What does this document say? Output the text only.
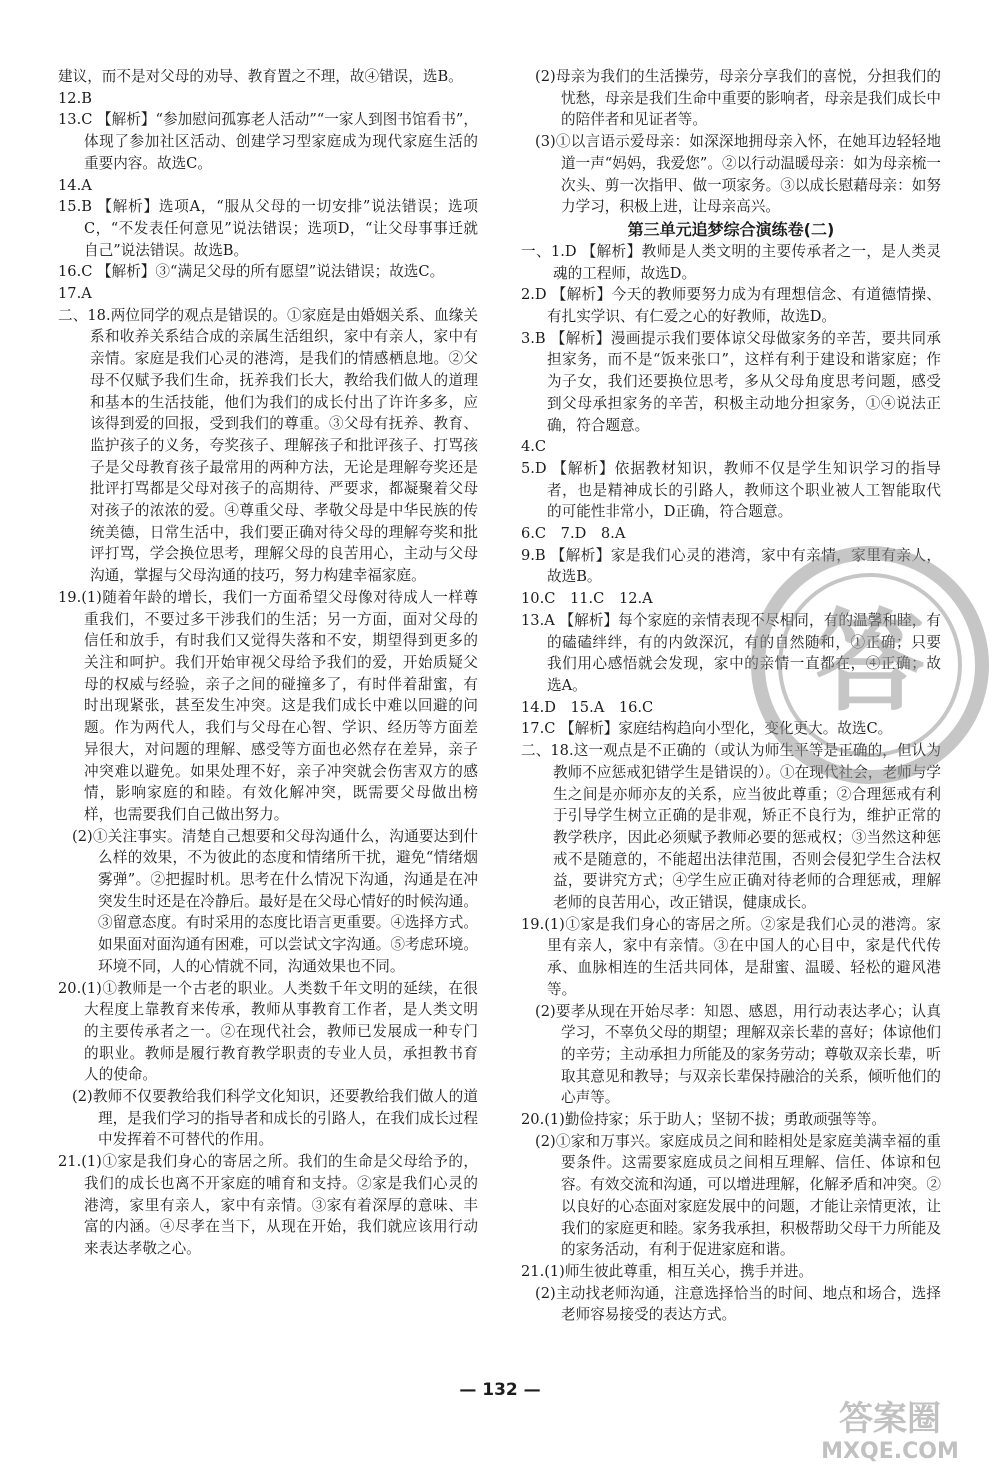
建议，而不是对父母的劝导、教育置之不理，故④错误，选B。

12.B

13.C 【解析】“参加慰问孤寡老人活动”“一家人到图书馆看书”，体现了参加社区活动、创建学习型家庭成为现代家庭生活的重要内容。故选C。

14.A

15.B 【解析】选项A，“服从父母的一切安排”说法错误；选项C，“不发表任何意见”说法错误；选项D，“让父母事事迁就自己”说法错误。故选B。

16.C 【解析】③“满足父母的所有愿望”说法错误；故选C。

17.A

二、18.两位同学的观点是错误的。①家庭是由婚姻关系、血缘关系和收养关系结合成的亲属生活组织，家中有亲人，家中有亲情。家庭是我们心灵的港湾，是我们的情感栖息地。②父母不仅赋予我们生命，抚养我们长大，教给我们做人的道理和基本的生活技能，他们为我们的成长付出了许许多多，应该得到爱的回报，受到我们的尊重。③父母有抚养、教育、监护孩子的义务，夸奖孩子、理解孩子和批评孩子、打骂孩子是父母教育孩子最常用的两种方法，无论是理解夸奖还是批评打骂都是父母对孩子的高期待、严要求，都凝聚着父母对孩子的浓浓的爱。④尊重父母、孝敬父母是中华民族的传统美德，日常生活中，我们要正确对待父母的理解夸奖和批评打骂，学会换位思考，理解父母的良苦用心，主动与父母沟通，掌握与父母沟通的技巧，努力构建幸福家庭。

19.(1)随着年龄的增长，我们一方面希望父母像对待成人一样尊重我们，不要过多干涉我们的生活；另一方面，面对父母的信任和放手，有时我们又觉得失落和不安，期望得到更多的关注和呵护。我们开始审视父母给予我们的爱，开始质疑父母的权威与经验，亲子之间的碰撞多了，有时伴着甜蜜，有时出现紧张，甚至发生冲突。这是我们成长中难以回避的问题。作为两代人，我们与父母在心智、学识、经历等方面差异很大，对问题的理解、感受等方面也必然存在差异，亲子冲突难以避免。如果处理不好，亲子冲突就会伤害双方的感情，影响家庭的和睦。有效化解冲突，既需要父母做出榜样，也需要我们自己做出努力。

(2)①关注事实。清楚自己想要和父母沟通什么，沟通要达到什么样的效果，不为彼此的态度和情绪所干扰，避免“情绪烟雾弹”。②把握时机。思考在什么情况下沟通，沟通是在冲突发生时还是在冷静后。最好是在父母心情好的时候沟通。③留意态度。有时采用的态度比语言更重要。④选择方式。如果面对面沟通有困难，可以尝试文字沟通。⑤考虑环境。环境不同，人的心情就不同，沟通效果也不同。

20.(1)①教师是一个古老的职业。人类数千年文明的延续，在很大程度上靠教育来传承，教师从事教育工作者，是人类文明的主要传承者之一。②在现代社会，教师已发展成一种专门的职业。教师是履行教育教学职责的专业人员，承担教书育人的使命。

(2)教师不仅要教给我们科学文化知识，还要教给我们做人的道理，是我们学习的指导者和成长的引路人，在我们成长过程中发挥着不可替代的作用。

21.(1)①家是我们身心的寄居之所。我们的生命是父母给予的，我们的成长也离不开家庭的哺育和支持。②家是我们心灵的港湾，家里有亲人，家中有亲情。③家有着深厚的意味、丰富的内涵。④尽孝在当下，从现在开始，我们就应该用行动来表达孝敬之心。

(2)母亲为我们的生活操劳，母亲分享我们的喜悦，分担我们的忧愁，母亲是我们生命中重要的影响者，母亲是我们成长中的陪伴者和见证者等。

(3)①以言语示爱母亲：如深深地拥母亲入怀，在她耳边轻轻地道一声“妈妈，我爱您”。②以行动温暖母亲：如为母亲梳一次头、剪一次指甲、做一项家务。③以成长慰藉母亲：如努力学习，积极上进，让母亲高兴。

第三单元追梦综合演练卷(二)

一、1.D 【解析】教师是人类文明的主要传承者之一，是人类灵魂的工程师，故选D。

2.D 【解析】今天的教师要努力成为有理想信念、有道德情操、有扎实学识、有仁爱之心的好教师，故选D。

3.B 【解析】漫画提示我们要体谅父母做家务的辛苦，要共同承担家务，而不是“饭来张口”，这样有利于建设和谐家庭；作为子女，我们还要换位思考，多从父母角度思考问题，感受到父母承担家务的辛苦，积极主动地分担家务，①④说法正确，符合题意。

4.C

5.D 【解析】依据教材知识，教师不仅是学生知识学习的指导者，也是精神成长的引路人，教师这个职业被人工智能取代的可能性非常小，D正确，符合题意。

6.C　7.D　8.A

9.B 【解析】家是我们心灵的港湾，家中有亲情，家里有亲人，故选B。

10.C　11.C　12.A

13.A 【解析】每个家庭的亲情表现不尽相同，有的温馨和睦，有的磕磕绊绊，有的内敛深沉，有的自然随和，①正确；只要我们用心感悟就会发现，家中的亲情一直都在，④正确；故选A。

14.D　15.A　16.C

17.C 【解析】家庭结构趋向小型化，变化更大。故选C。

二、18.这一观点是不正确的（或认为师生平等是正确的，但认为教师不应惩戒犯错学生是错误的）。①在现代社会，老师与学生之间是亦师亦友的关系，应当彼此尊重；②合理惩戒有利于引导学生树立正确的是非观，矫正不良行为，维护正常的教学秩序，因此必须赋予教师必要的惩戒权；③当然这种惩戒不是随意的，不能超出法律范围，否则会侵犯学生合法权益，要讲究方式；④学生应正确对待老师的合理惩戒，理解老师的良苦用心，改正错误，健康成长。

19.(1)①家是我们身心的寄居之所。②家是我们心灵的港湾。家里有亲人，家中有亲情。③在中国人的心目中，家是代代传承、血脉相连的生活共同体，是甜蜜、温暖、轻松的避风港等。

(2)要孝从现在开始尽孝：知恩、感恩，用行动表达孝心；认真学习，不辜负父母的期望；理解双亲长辈的喜好；体谅他们的辛劳；主动承担力所能及的家务劳动；尊敬双亲长辈，听取其意见和教导；与双亲长辈保持融洽的关系，倾听他们的心声等。

20.(1)勤俭持家；乐于助人；坚韧不拔；勇敢顽强等等。

(2)①家和万事兴。家庭成员之间和睦相处是家庭美满幸福的重要条件。这需要家庭成员之间相互理解、信任、体谅和包容。有效交流和沟通，可以增进理解，化解矛盾和冲突。②以良好的心态面对家庭发展中的问题，才能让亲情更浓，让我们的家庭更和睦。家务我承担，积极帮助父母干力所能及的家务活动，有利于促进家庭和谐。

21.(1)师生彼此尊重，相互关心，携手并进。

(2)主动找老师沟通，注意选择恰当的时间、地点和场合，选择老师容易接受的表达方式。

— 132 —
答
答案圈
MXQE.COM
